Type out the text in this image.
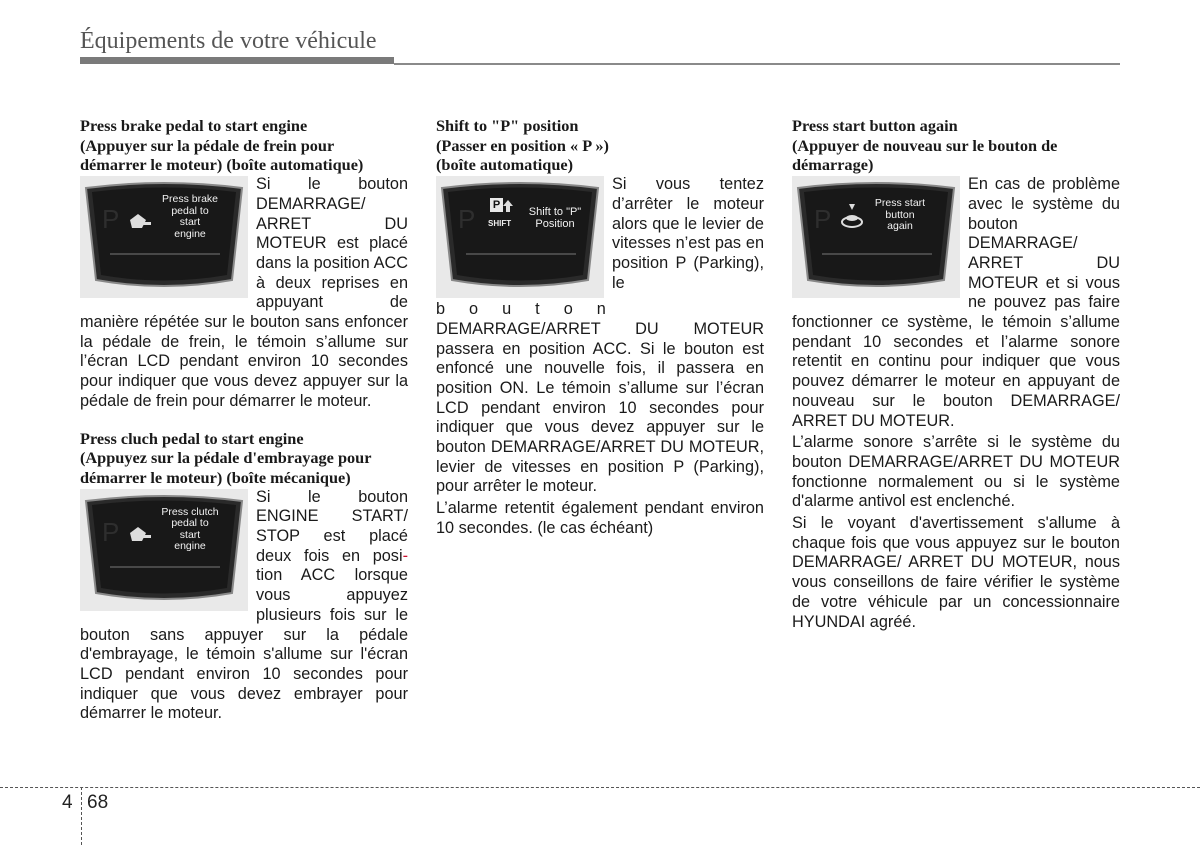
Équipements de votre véhicule
Press brake pedal to start engine
(Appuyer sur la pédale de frein pour
démarrer le moteur) (boîte automatique)
P
Press brake
pedal to
start
engine

Si le bouton DEMARRAGE/ ARRET DU MOTEUR est placé dans la position ACC à deux reprises en appuyant de manière répétée sur le bouton sans enfoncer la pédale de frein, le témoin s’allume sur l’écran LCD pendant environ 10 secondes pour indiquer que vous devez appuyer sur la pédale de frein pour démarrer le moteur.

Press cluch pedal to start engine
(Appuyez sur la pédale d'embrayage pour
démarrer le moteur) (boîte mécanique)
P
Press clutch
pedal to
start
engine

Si le bouton ENGINE START/ STOP est placé deux fois en posi-tion ACC lorsque vous appuyez plusieurs fois sur le bouton sans appuyer sur la pédale d'embrayage, le témoin s'allume sur l'écran LCD pendant environ 10 secondes pour indiquer que vous devez embrayer pour démarrer le moteur.

Shift to "P" position
(Passer en position « P »)
(boîte automatique)
P P
SHIFT
Shift to "P"
Position

Si vous tentez d’arrêter le moteur alors que le levier de vitesses n’est pas en position P (Parking), le bouton DEMARRAGE/ARRET DU MOTEUR passera en position ACC. Si le bouton est enfoncé une nouvelle fois, il passera en position ON. Le témoin s’allume sur l’écran LCD pendant environ 10 secondes pour indiquer que vous devez appuyer sur le bouton DEMARRAGE/ARRET DU MOTEUR, levier de vitesses en position P (Parking), pour arrêter le moteur.

L’alarme retentit également pendant environ 10 secondes. (le cas échéant)

Press start button again
(Appuyer de nouveau sur le bouton de
démarrage)
P
Press start
button
again

En cas de problème avec le système du bouton DEMARRAGE/ ARRET DU MOTEUR et si vous ne pouvez pas faire fonctionner ce système, le témoin s’allume pendant 10 secondes et l’alarme sonore retentit en continu pour indiquer que vous pouvez démarrer le moteur en appuyant de nouveau sur le bouton DEMARRAGE/ ARRET DU MOTEUR.

L’alarme sonore s’arrête si le système du bouton DEMARRAGE/ARRET DU MOTEUR fonctionne normalement ou si le système d'alarme antivol est enclenché.

Si le voyant d'avertissement s'allume à chaque fois que vous appuyez sur le bouton DEMARRAGE/ ARRET DU MOTEUR, nous vous conseillons de faire vérifier le système de votre véhicule par un concessionnaire HYUNDAI agréé.

4 68
